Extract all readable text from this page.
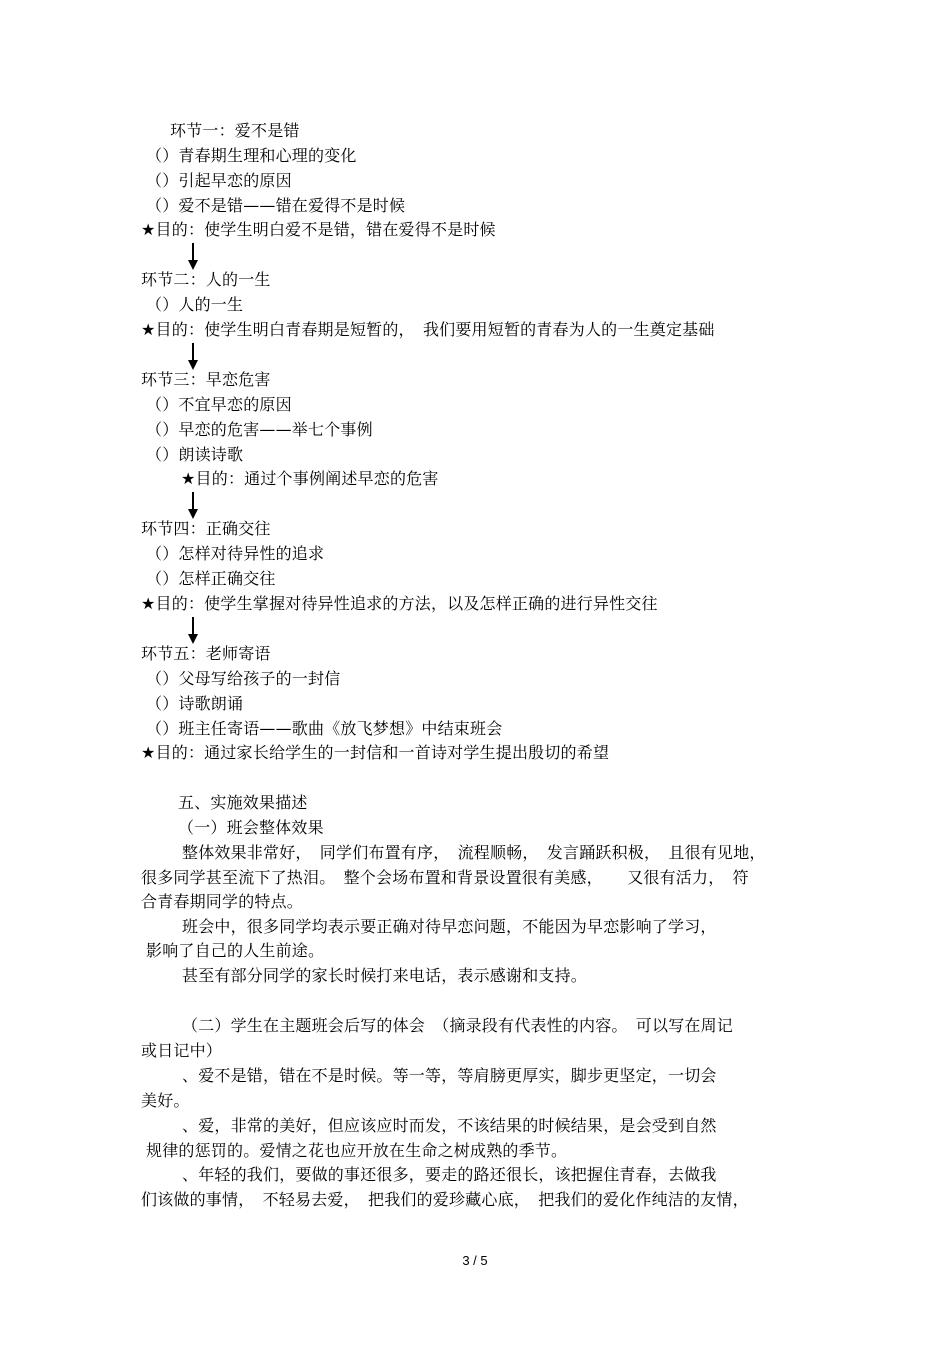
环节一：爱不是错
（）青春期生理和心理的变化
（）引起早恋的原因
（）爱不是错——错在爱得不是时候
★目的：使学生明白爱不是错，错在爱得不是时候
环节二：人的一生
（）人的一生
★目的：使学生明白青春期是短暂的，　我们要用短暂的青春为人的一生奠定基础
环节三：早恋危害
（）不宜早恋的原因
（）早恋的危害——举七个事例
（）朗读诗歌
★目的：通过个事例阐述早恋的危害
环节四：正确交往
（）怎样对待异性的追求
（）怎样正确交往
★目的：使学生掌握对待异性追求的方法，以及怎样正确的进行异性交往
环节五：老师寄语
（）父母写给孩子的一封信
（）诗歌朗诵
（）班主任寄语——歌曲《放飞梦想》中结束班会
★目的：通过家长给学生的一封信和一首诗对学生提出殷切的希望
五、实施效果描述
（一）班会整体效果
整体效果非常好，　同学们布置有序，　流程顺畅，　发言踊跃积极，　且很有见地，
很多同学甚至流下了热泪。　整个会场布置和背景设置很有美感，　　又很有活力，　符
合青春期同学的特点。
班会中，很多同学均表示要正确对待早恋问题，不能因为早恋影响了学习，
影响了自己的人生前途。
甚至有部分同学的家长时候打来电话，表示感谢和支持。
（二）学生在主题班会后写的体会　（摘录段有代表性的内容。　可以写在周记
或日记中）
、爱不是错，错在不是时候。等一等，等肩膀更厚实，脚步更坚定，一切会
美好。
、爱，非常的美好，但应该应时而发，不该结果的时候结果，是会受到自然
规律的惩罚的。爱情之花也应开放在生命之树成熟的季节。
、年轻的我们，要做的事还很多，要走的路还很长，该把握住青春，去做我
们该做的事情，　不轻易去爱，　把我们的爱珍藏心底，　把我们的爱化作纯洁的友情，
3 / 5
